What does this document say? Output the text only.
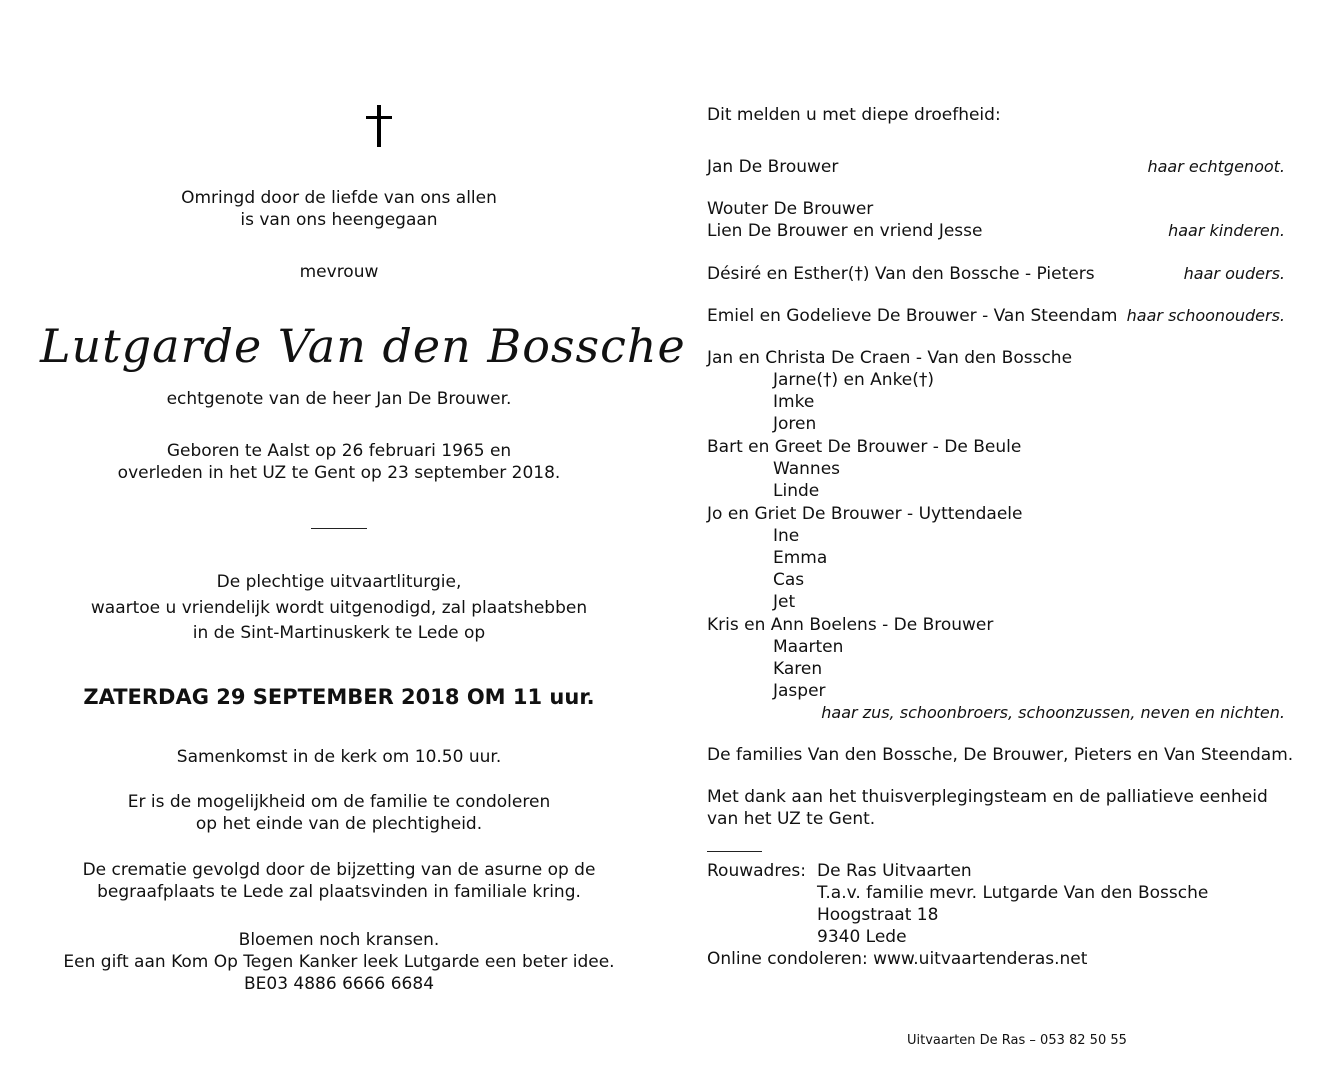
Omringd door de liefde van ons allen
is van ons heengegaan
mevrouw
Lutgarde Van den Bossche
echtgenote van de heer Jan De Brouwer.
Geboren te Aalst op 26 februari 1965 en
overleden in het UZ te Gent op 23 september 2018.
De plechtige uitvaartliturgie,
waartoe u vriendelijk wordt uitgenodigd, zal plaatshebben
in de Sint-Martinuskerk te Lede op
ZATERDAG 29 SEPTEMBER 2018 OM 11 uur.
Samenkomst in de kerk om 10.50 uur.
Er is de mogelijkheid om de familie te condoleren
op het einde van de plechtigheid.
De crematie gevolgd door de bijzetting van de asurne op de
begraafplaats te Lede zal plaatsvinden in familiale kring.
Bloemen noch kransen.
Een gift aan Kom Op Tegen Kanker leek Lutgarde een beter idee.
BE03 4886 6666 6684
Dit melden u met diepe droefheid:
Jan De Brouwer	haar echtgenoot.
Wouter De Brouwer
Lien De Brouwer en vriend Jesse	haar kinderen.
Désiré en Esther(†) Van den Bossche - Pieters	haar ouders.
Emiel en Godelieve De Brouwer - Van Steendam haar schoonouders.
Jan en Christa De Craen - Van den Bossche
Jarne(†) en Anke(†)
Imke
Joren
Bart en Greet De Brouwer - De Beule
Wannes
Linde
Jo en Griet De Brouwer - Uyttendaele
Ine
Emma
Cas
Jet
Kris en Ann Boelens - De Brouwer
Maarten
Karen
Jasper
haar zus, schoonbroers, schoonzussen, neven en nichten.
De families Van den Bossche, De Brouwer, Pieters en Van Steendam.
Met dank aan het thuisverplegingsteam en de palliatieve eenheid
van het UZ te Gent.
Rouwadres: De Ras Uitvaarten
T.a.v. familie mevr. Lutgarde Van den Bossche
Hoogstraat 18
9340 Lede
Online condoleren: www.uitvaartenderas.net
Uitvaarten De Ras – 053 82 50 55
